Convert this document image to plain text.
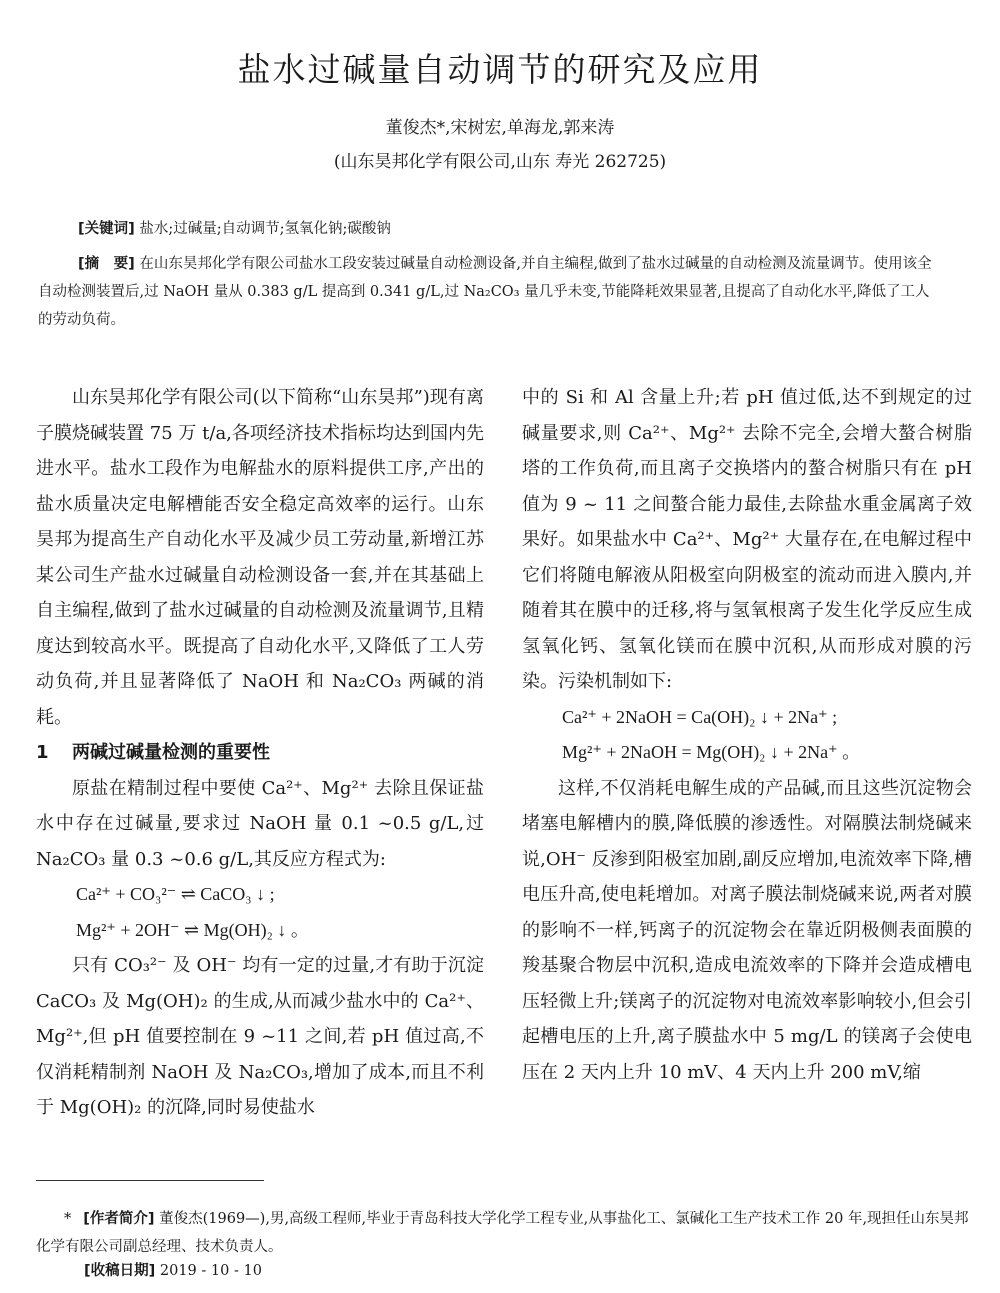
盐水过碱量自动调节的研究及应用
董俊杰*,宋树宏,单海龙,郭来涛
(山东昊邦化学有限公司,山东 寿光 262725)
[关键词] 盐水;过碱量;自动调节;氢氧化钠;碳酸钠
[摘　要] 在山东昊邦化学有限公司盐水工段安装过碱量自动检测设备,并自主编程,做到了盐水过碱量的自动检测及流量调节。使用该全自动检测装置后,过 NaOH 量从 0.383 g/L 提高到 0.341 g/L,过 Na₂CO₃ 量几乎未变,节能降耗效果显著,且提高了自动化水平,降低了工人的劳动负荷。

山东昊邦化学有限公司(以下简称“山东昊邦”)现有离子膜烧碱装置 75 万 t/a,各项经济技术指标均达到国内先进水平。盐水工段作为电解盐水的原料提供工序,产出的盐水质量决定电解槽能否安全稳定高效率的运行。山东昊邦为提高生产自动化水平及减少员工劳动量,新增江苏某公司生产盐水过碱量自动检测设备一套,并在其基础上自主编程,做到了盐水过碱量的自动检测及流量调节,且精度达到较高水平。既提高了自动化水平,又降低了工人劳动负荷,并且显著降低了 NaOH 和 Na₂CO₃ 两碱的消耗。

1 两碱过碱量检测的重要性

原盐在精制过程中要使 Ca²⁺、Mg²⁺ 去除且保证盐水中存在过碱量,要求过 NaOH 量 0.1 ~0.5 g/L,过 Na₂CO₃ 量 0.3 ~0.6 g/L,其反应方程式为:

Ca²⁺ + CO₃²⁻ ⇌ CaCO₃ ↓ ;

Mg²⁺ + 2OH⁻ ⇌ Mg(OH)₂ ↓ 。

只有 CO₃²⁻ 及 OH⁻ 均有一定的过量,才有助于沉淀 CaCO₃ 及 Mg(OH)₂ 的生成,从而减少盐水中的 Ca²⁺、Mg²⁺,但 pH 值要控制在 9 ~11 之间,若 pH 值过高,不仅消耗精制剂 NaOH 及 Na₂CO₃,增加了成本,而且不利于 Mg(OH)₂ 的沉降,同时易使盐水

中的 Si 和 Al 含量上升;若 pH 值过低,达不到规定的过碱量要求,则 Ca²⁺、Mg²⁺ 去除不完全,会增大螯合树脂塔的工作负荷,而且离子交换塔内的螯合树脂只有在 pH 值为 9 ~ 11 之间螯合能力最佳,去除盐水重金属离子效果好。如果盐水中 Ca²⁺、Mg²⁺ 大量存在,在电解过程中它们将随电解液从阳极室向阴极室的流动而进入膜内,并随着其在膜中的迁移,将与氢氧根离子发生化学反应生成氢氧化钙、氢氧化镁而在膜中沉积,从而形成对膜的污染。污染机制如下:

Ca²⁺ + 2NaOH = Ca(OH)₂ ↓ + 2Na⁺ ;

Mg²⁺ + 2NaOH = Mg(OH)₂ ↓ + 2Na⁺ 。

这样,不仅消耗电解生成的产品碱,而且这些沉淀物会堵塞电解槽内的膜,降低膜的渗透性。对隔膜法制烧碱来说,OH⁻ 反渗到阳极室加剧,副反应增加,电流效率下降,槽电压升高,使电耗增加。对离子膜法制烧碱来说,两者对膜的影响不一样,钙离子的沉淀物会在靠近阴极侧表面膜的羧基聚合物层中沉积,造成电流效率的下降并会造成槽电压轻微上升;镁离子的沉淀物对电流效率影响较小,但会引起槽电压的上升,离子膜盐水中 5 mg/L 的镁离子会使电压在 2 天内上升 10 mV、4 天内上升 200 mV,缩

* [作者简介] 董俊杰(1969—),男,高级工程师,毕业于青岛科技大学化学工程专业,从事盐化工、氯碱化工生产技术工作 20 年,现担任山东昊邦化学有限公司副总经理、技术负责人。
[收稿日期] 2019 - 10 - 10
